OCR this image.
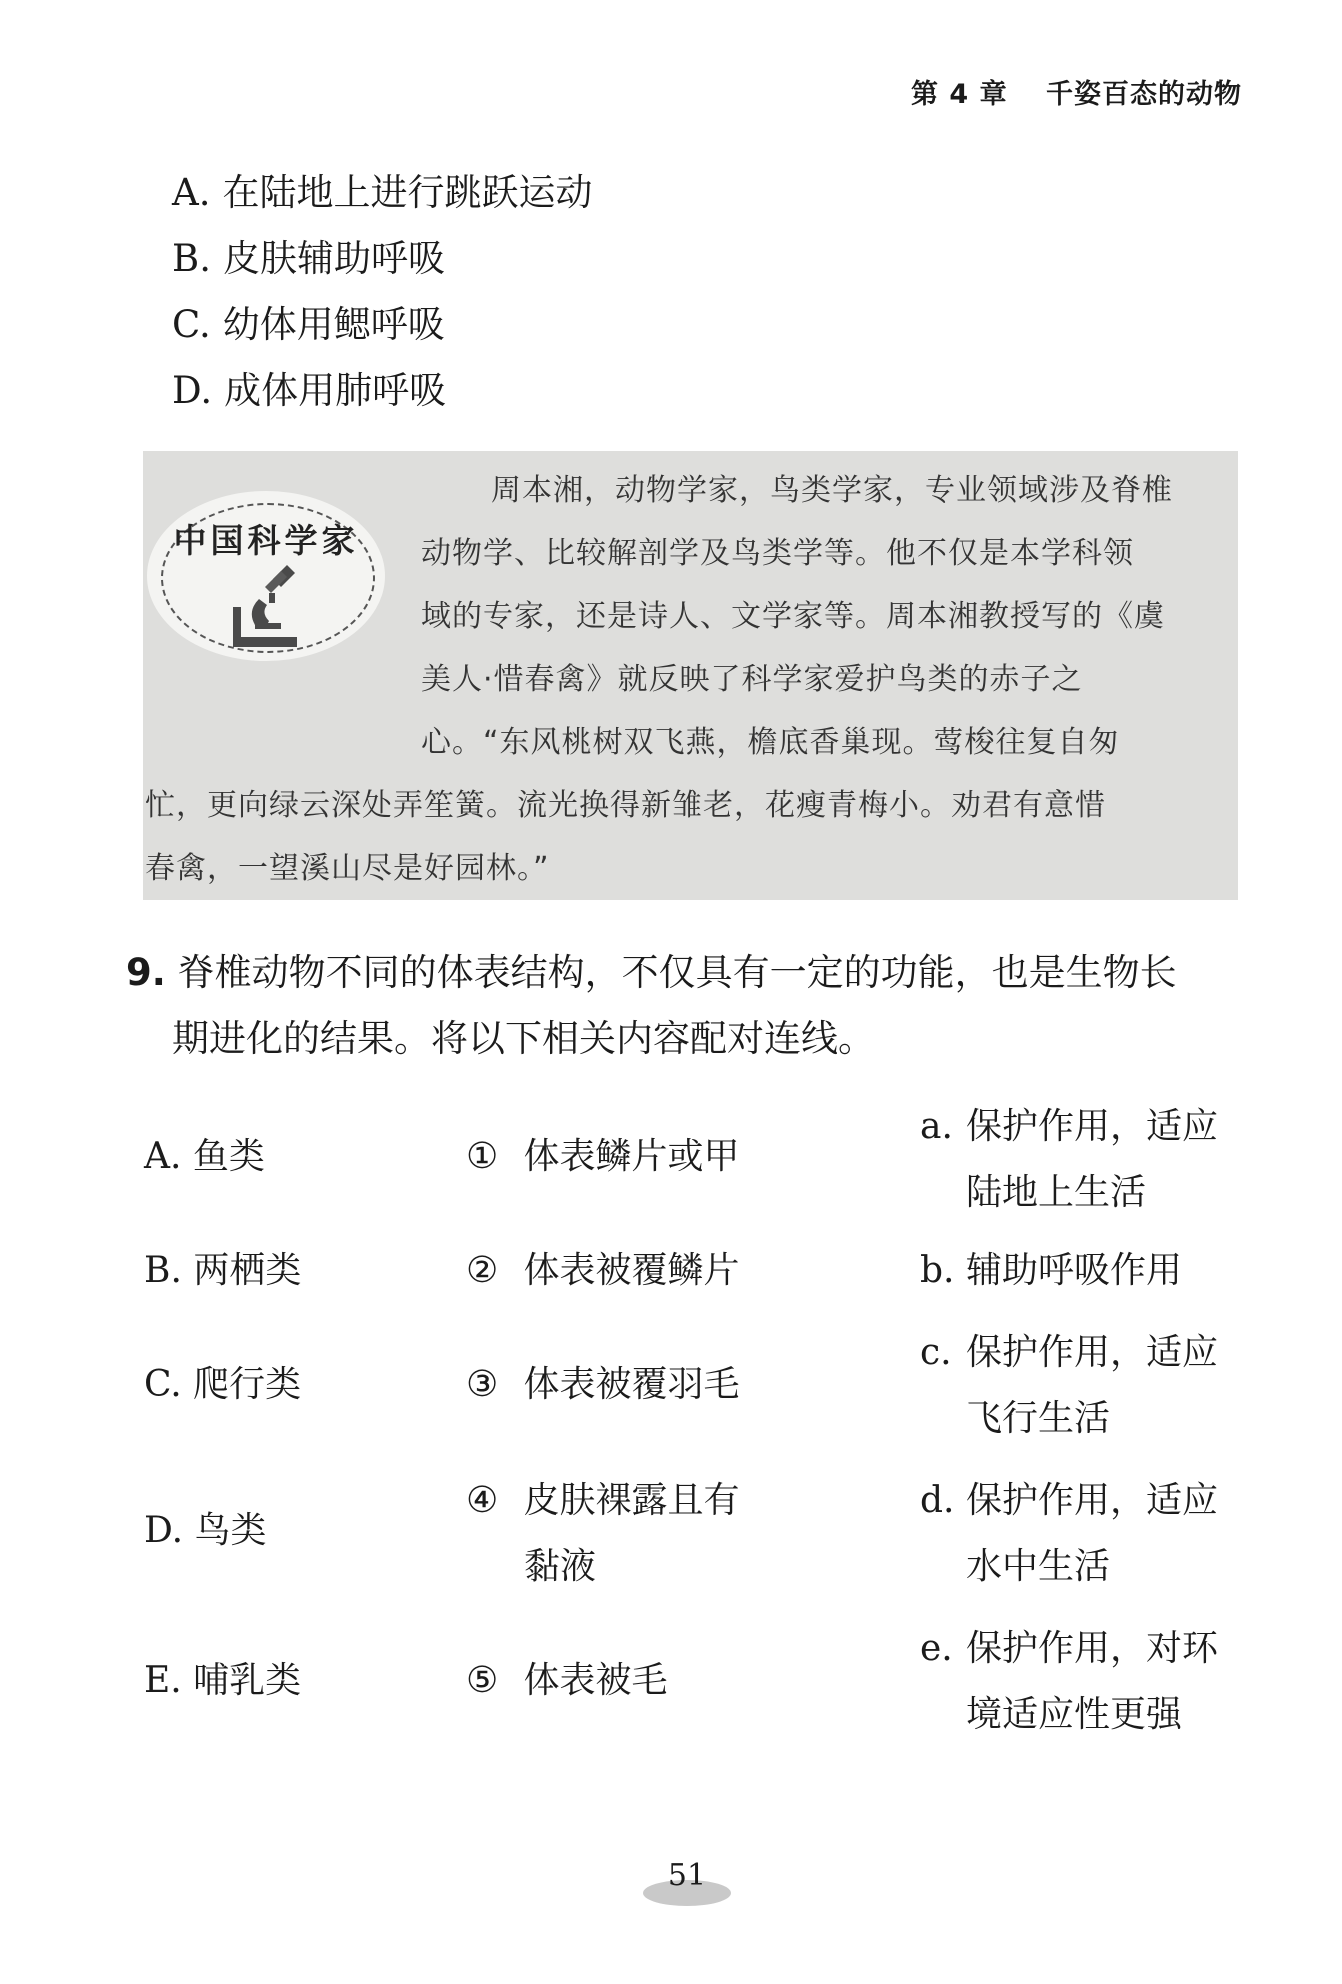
第 4 章 千姿百态的动物
A. 在陆地上进行跳跃运动
B. 皮肤辅助呼吸
C. 幼体用鳃呼吸
D. 成体用肺呼吸
中国科学家
周本湘，动物学家，鸟类学家，专业领域涉及脊椎
动物学、比较解剖学及鸟类学等。他不仅是本学科领
域的专家，还是诗人、文学家等。周本湘教授写的《虞
美人·惜春禽》就反映了科学家爱护鸟类的赤子之
心。“东风桃树双飞燕，檐底香巢现。莺梭往复自匆
忙，更向绿云深处弄笙簧。流光换得新雏老，花瘦青梅小。劝君有意惜
春禽，一望溪山尽是好园林。”
9. 脊椎动物不同的体表结构，不仅具有一定的功能，也是生物长
期进化的结果。将以下相关内容配对连线。
A. 鱼类
B. 两栖类
C. 爬行类
D. 鸟类
E. 哺乳类
① 体表鳞片或甲
② 体表被覆鳞片
③ 体表被覆羽毛
④ 皮肤裸露且有
黏液
⑤ 体表被毛
a. 保护作用，适应
陆地上生活
b. 辅助呼吸作用
c. 保护作用，适应
飞行生活
d. 保护作用，适应
水中生活
e. 保护作用，对环
境适应性更强
51
